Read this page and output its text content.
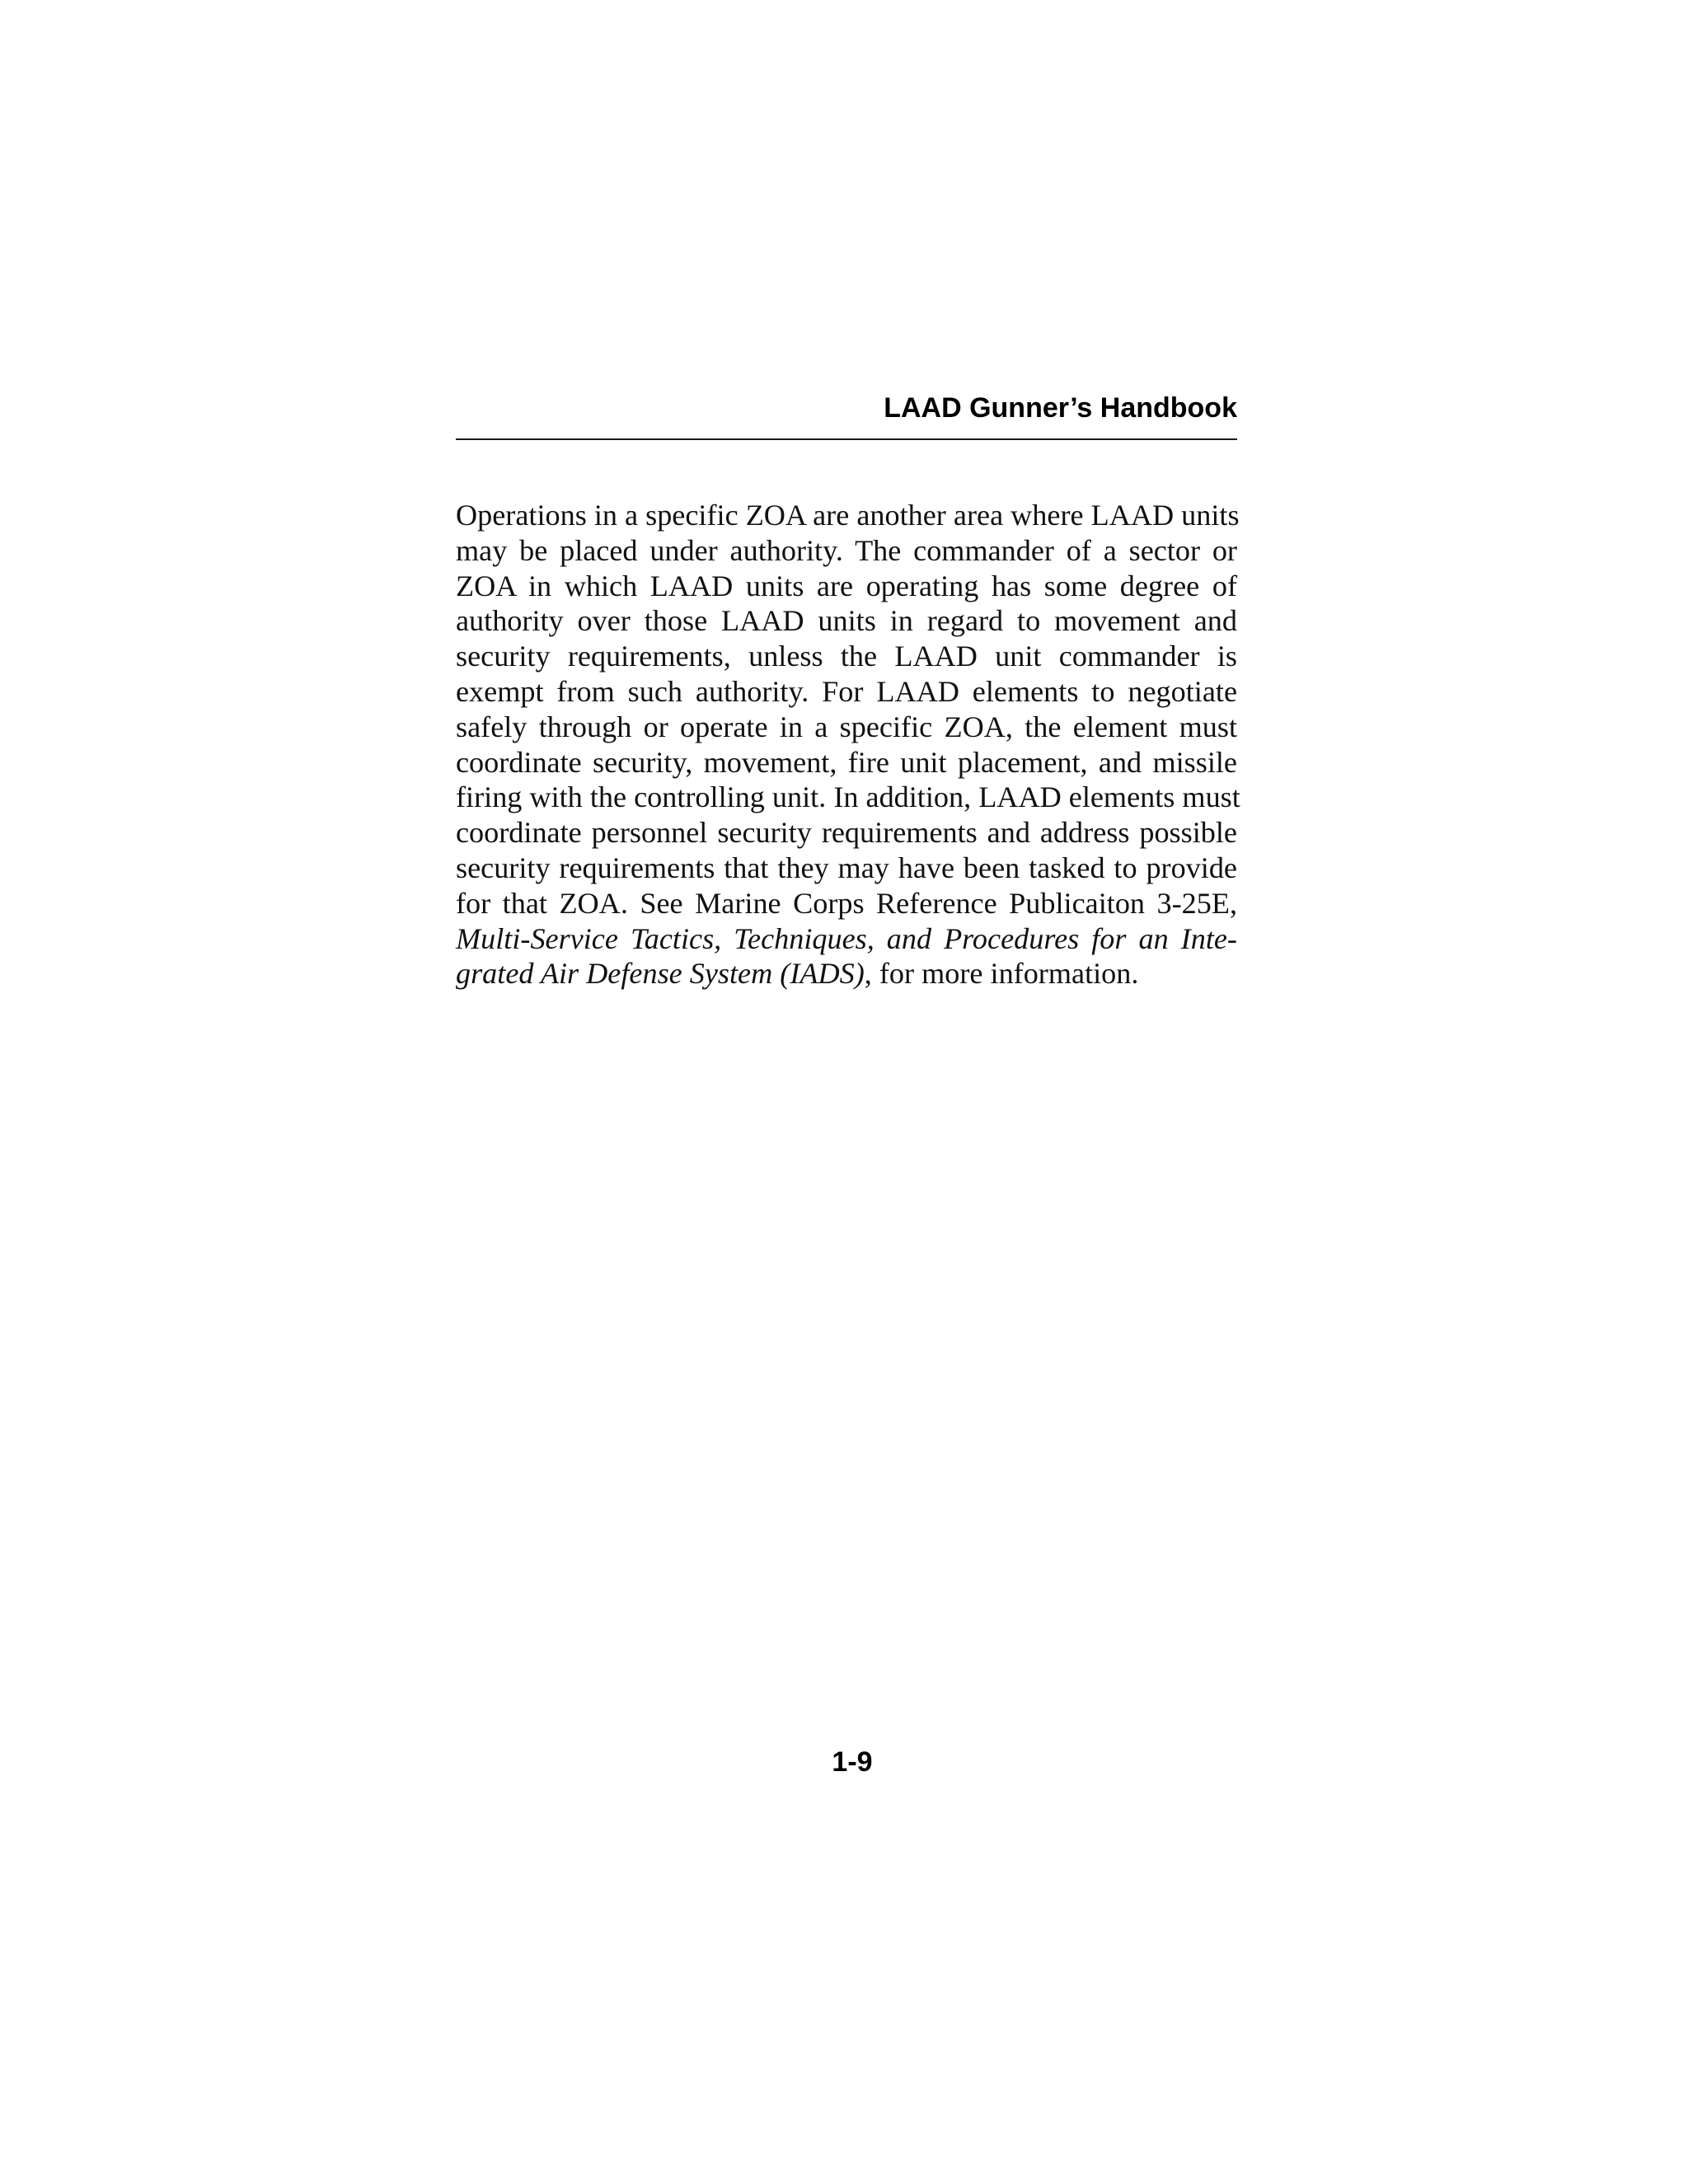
LAAD Gunner’s Handbook
Operations in a specific ZOA are another area where LAAD units
may be placed under authority. The commander of a sector or
ZOA in which LAAD units are operating has some degree of
authority over those LAAD units in regard to movement and
security requirements, unless the LAAD unit commander is
exempt from such authority. For LAAD elements to negotiate
safely through or operate in a specific ZOA, the element must
coordinate security, movement, fire unit placement, and missile
firing with the controlling unit. In addition, LAAD elements must
coordinate personnel security requirements and address possible
security requirements that they may have been tasked to provide
for that ZOA. See Marine Corps Reference Publicaiton 3-25E,
Multi-Service Tactics, Techniques, and Procedures for an Inte-
grated Air Defense System (IADS), for more information.
1-9
